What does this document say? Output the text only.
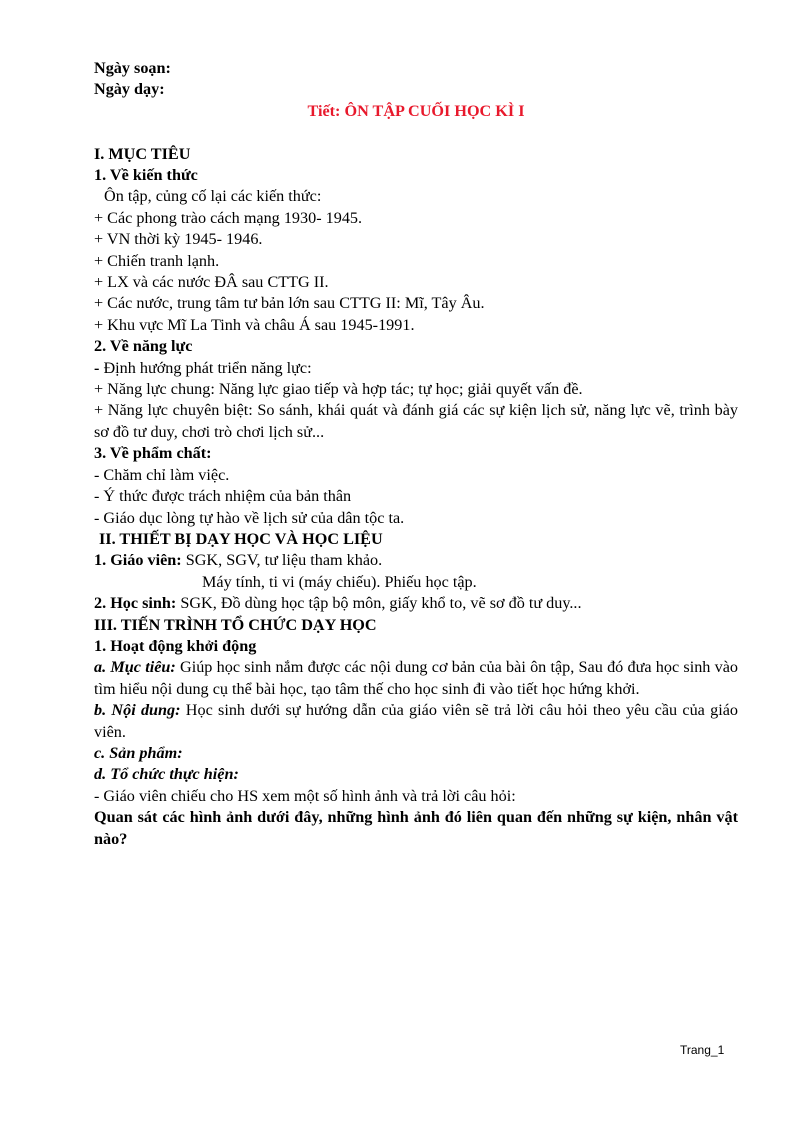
Ngày soạn:
Ngày dạy:
Tiết: ÔN TẬP CUỐI HỌC KÌ I
I. MỤC TIÊU
1. Về kiến thức
Ôn tập, củng cố lại các kiến thức:
+ Các phong trào cách mạng 1930- 1945.
+ VN thời kỳ 1945- 1946.
+ Chiến tranh lạnh.
+ LX và các nước ĐÂ sau CTTG II.
+ Các nước, trung tâm tư bản lớn sau CTTG II: Mĩ, Tây Âu.
+ Khu vực Mĩ La Tinh và châu Á sau 1945-1991.
2. Về năng lực
- Định hướng phát triển năng lực:
+ Năng lực chung: Năng lực giao tiếp và hợp tác; tự học; giải quyết vấn đề.
+ Năng lực chuyên biệt: So sánh, khái quát và đánh giá các sự kiện lịch sử, năng lực vẽ, trình bày sơ đồ tư duy, chơi trò chơi lịch sử...
3. Về phẩm chất:
- Chăm chỉ làm việc.
- Ý thức được trách nhiệm của bản thân
- Giáo dục lòng tự hào về lịch sử của dân tộc ta.
II. THIẾT BỊ DẠY HỌC VÀ HỌC LIỆU
1. Giáo viên: SGK, SGV, tư liệu tham khảo.
Máy tính, ti vi (máy chiếu). Phiếu học tập.
2. Học sinh: SGK, Đồ dùng học tập bộ môn, giấy khổ to, vẽ sơ đồ tư duy...
III. TIẾN TRÌNH TỔ CHỨC DẠY HỌC
1. Hoạt động khởi động
a. Mục tiêu: Giúp học sinh nắm được các nội dung cơ bản của bài ôn tập, Sau đó đưa học sinh vào tìm hiểu nội dung cụ thể bài học, tạo tâm thế cho học sinh đi vào tiết học hứng khởi.
b. Nội dung: Học sinh dưới sự hướng dẫn của giáo viên sẽ trả lời câu hỏi theo yêu cầu của giáo viên.
c. Sản phẩm:
d. Tổ chức thực hiện:
- Giáo viên chiếu cho HS xem một số hình ảnh và trả lời câu hỏi:
Quan sát các hình ảnh dưới đây, những hình ảnh đó liên quan đến những sự kiện, nhân vật nào?
Trang_1
